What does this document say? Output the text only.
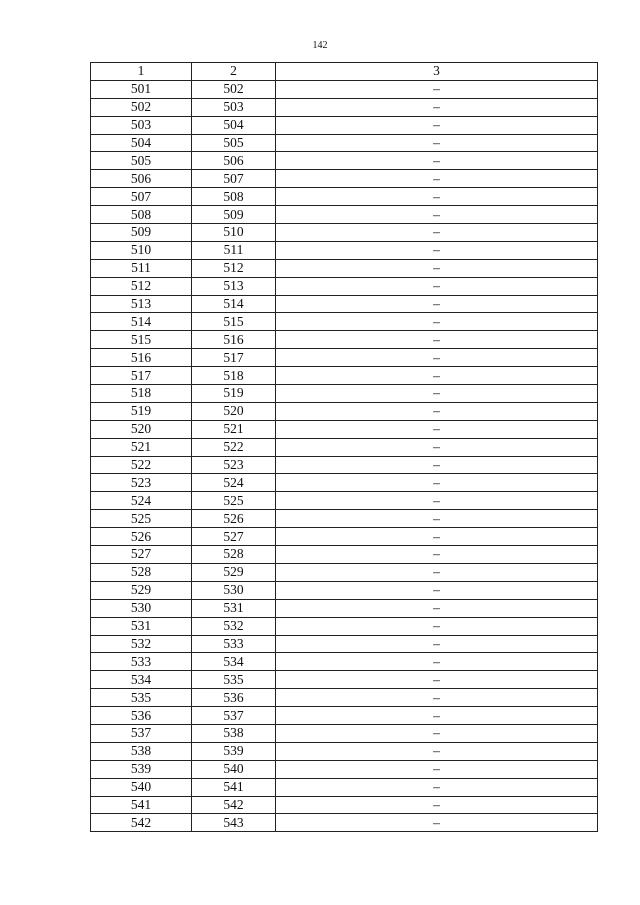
142
1	2	3
501	502	–
502	503	–
503	504	–
504	505	–
505	506	–
506	507	–
507	508	–
508	509	–
509	510	–
510	511	–
511	512	–
512	513	–
513	514	–
514	515	–
515	516	–
516	517	–
517	518	–
518	519	–
519	520	–
520	521	–
521	522	–
522	523	–
523	524	–
524	525	–
525	526	–
526	527	–
527	528	–
528	529	–
529	530	–
530	531	–
531	532	–
532	533	–
533	534	–
534	535	–
535	536	–
536	537	–
537	538	–
538	539	–
539	540	–
540	541	–
541	542	–
542	543	–
